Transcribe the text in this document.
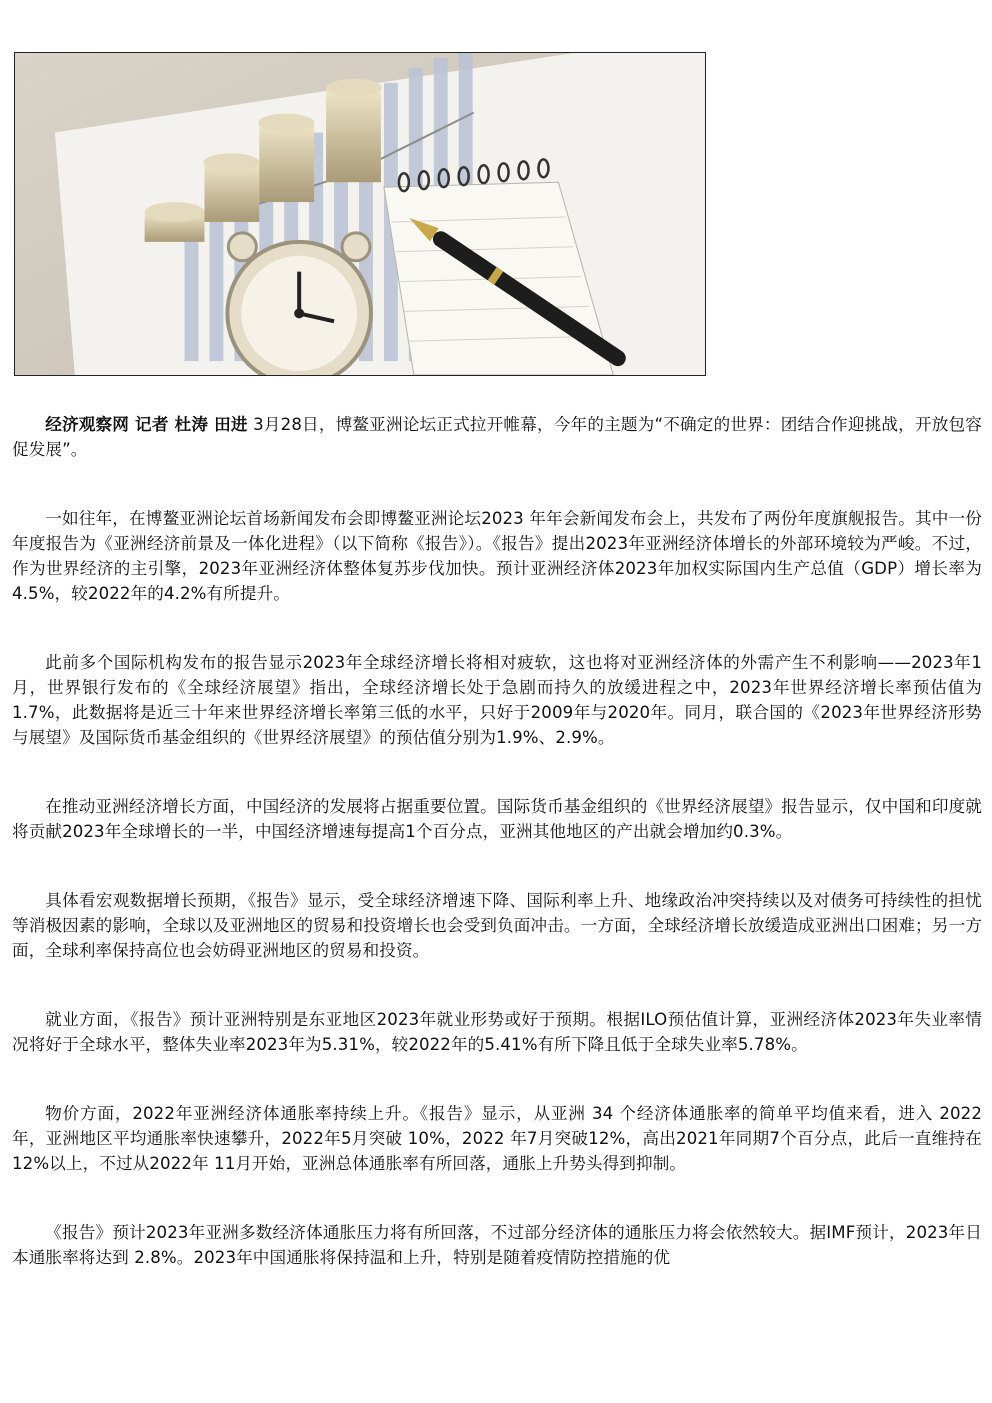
经济观察网 记者 杜涛 田进 3月28日，博鳌亚洲论坛正式拉开帷幕，今年的主题为“不确定的世界：团结合作迎挑战，开放包容促发展”。

一如往年，在博鳌亚洲论坛首场新闻发布会即博鳌亚洲论坛2023 年年会新闻发布会上，共发布了两份年度旗舰报告。其中一份年度报告为《亚洲经济前景及一体化进程》（以下简称《报告》）。《报告》提出2023年亚洲经济体增长的外部环境较为严峻。不过，作为世界经济的主引擎，2023年亚洲经济体整体复苏步伐加快。预计亚洲经济体2023年加权实际国内生产总值（GDP）增长率为4.5%，较2022年的4.2%有所提升。

此前多个国际机构发布的报告显示2023年全球经济增长将相对疲软，这也将对亚洲经济体的外需产生不利影响——2023年1月，世界银行发布的《全球经济展望》指出，全球经济增长处于急剧而持久的放缓进程之中，2023年世界经济增长率预估值为1.7%，此数据将是近三十年来世界经济增长率第三低的水平，只好于2009年与2020年。同月，联合国的《2023年世界经济形势与展望》及国际货币基金组织的《世界经济展望》的预估值分别为1.9%、2.9%。

在推动亚洲经济增长方面，中国经济的发展将占据重要位置。国际货币基金组织的《世界经济展望》报告显示，仅中国和印度就将贡献2023年全球增长的一半，中国经济增速每提高1个百分点，亚洲其他地区的产出就会增加约0.3%。

具体看宏观数据增长预期，《报告》显示，受全球经济增速下降、国际利率上升、地缘政治冲突持续以及对债务可持续性的担忧等消极因素的影响，全球以及亚洲地区的贸易和投资增长也会受到负面冲击。一方面，全球经济增长放缓造成亚洲出口困难；另一方面，全球利率保持高位也会妨碍亚洲地区的贸易和投资。

就业方面，《报告》预计亚洲特别是东亚地区2023年就业形势或好于预期。根据ILO预估值计算，亚洲经济体2023年失业率情况将好于全球水平，整体失业率2023年为5.31%，较2022年的5.41%有所下降且低于全球失业率5.78%。

物价方面，2022年亚洲经济体通胀率持续上升。《报告》显示，从亚洲 34 个经济体通胀率的简单平均值来看，进入 2022 年，亚洲地区平均通胀率快速攀升，2022年5月突破 10%，2022 年7月突破12%，高出2021年同期7个百分点，此后一直维持在 12%以上，不过从2022年 11月开始，亚洲总体通胀率有所回落，通胀上升势头得到抑制。

《报告》预计2023年亚洲多数经济体通胀压力将有所回落，不过部分经济体的通胀压力将会依然较大。据IMF预计，2023年日本通胀率将达到 2.8%。2023年中国通胀将保持温和上升，特别是随着疫情防控措施的优
